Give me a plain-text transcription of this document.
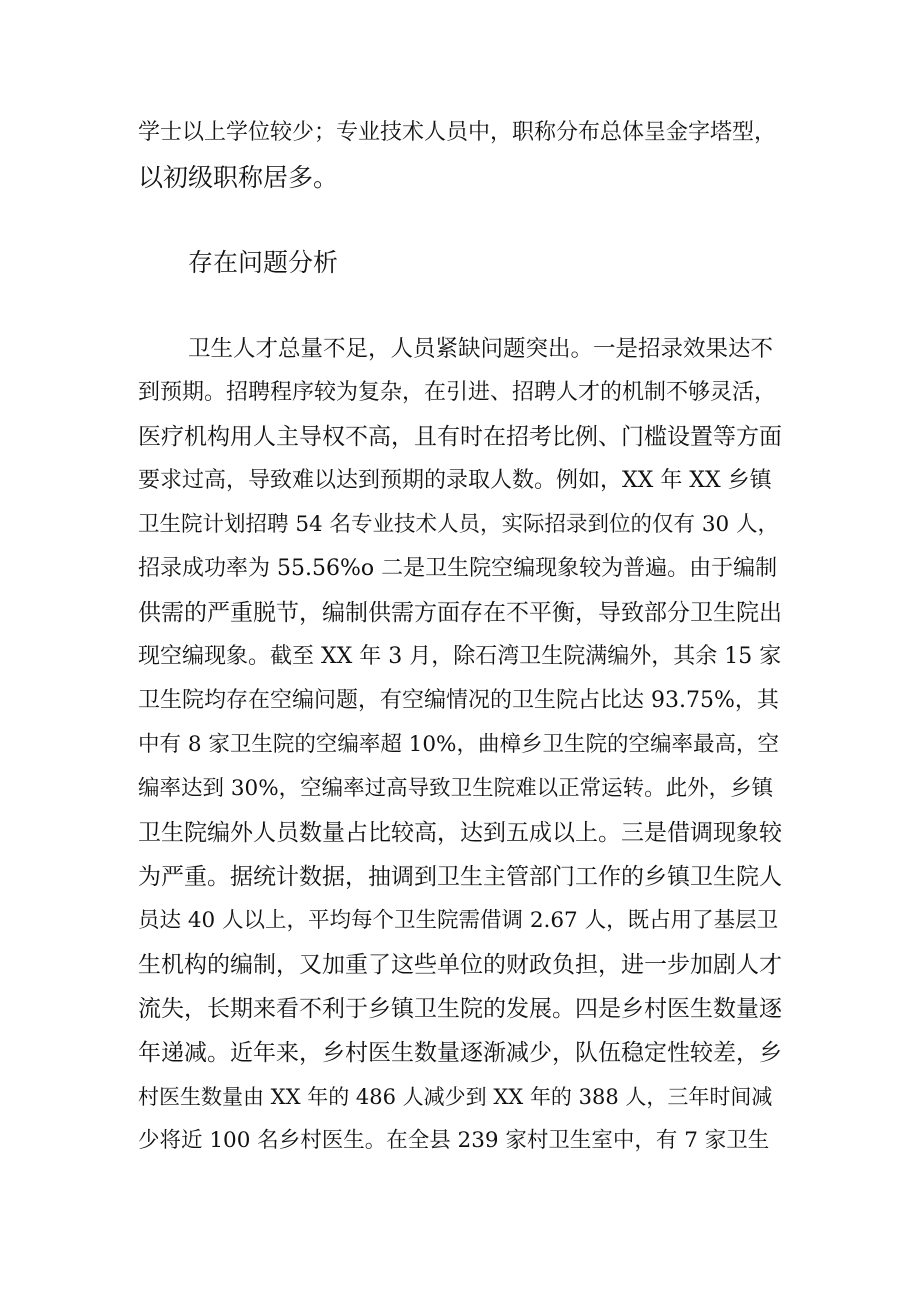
学士以上学位较少；专业技术人员中，职称分布总体呈金字塔型，
以初级职称居多。
存在问题分析
卫生人才总量不足，人员紧缺问题突出。一是招录效果达不
到预期。招聘程序较为复杂，在引进、招聘人才的机制不够灵活，
医疗机构用人主导权不高，且有时在招考比例、门槛设置等方面
要求过高，导致难以达到预期的录取人数。例如，XX 年 XX 乡镇
卫生院计划招聘 54 名专业技术人员，实际招录到位的仅有 30 人，
招录成功率为 55.56%o 二是卫生院空编现象较为普遍。由于编制
供需的严重脱节，编制供需方面存在不平衡，导致部分卫生院出
现空编现象。截至 XX 年 3 月，除石湾卫生院满编外，其余 15 家
卫生院均存在空编问题，有空编情况的卫生院占比达 93.75%，其
中有 8 家卫生院的空编率超 10%，曲樟乡卫生院的空编率最高，空
编率达到 30%，空编率过高导致卫生院难以正常运转。此外，乡镇
卫生院编外人员数量占比较高，达到五成以上。三是借调现象较
为严重。据统计数据，抽调到卫生主管部门工作的乡镇卫生院人
员达 40 人以上，平均每个卫生院需借调 2.67 人，既占用了基层卫
生机构的编制，又加重了这些单位的财政负担，进一步加剧人才
流失，长期来看不利于乡镇卫生院的发展。四是乡村医生数量逐
年递减。近年来，乡村医生数量逐渐减少，队伍稳定性较差，乡
村医生数量由 XX 年的 486 人减少到 XX 年的 388 人，三年时间减
少将近 100 名乡村医生。在全县 239 家村卫生室中，有 7 家卫生
